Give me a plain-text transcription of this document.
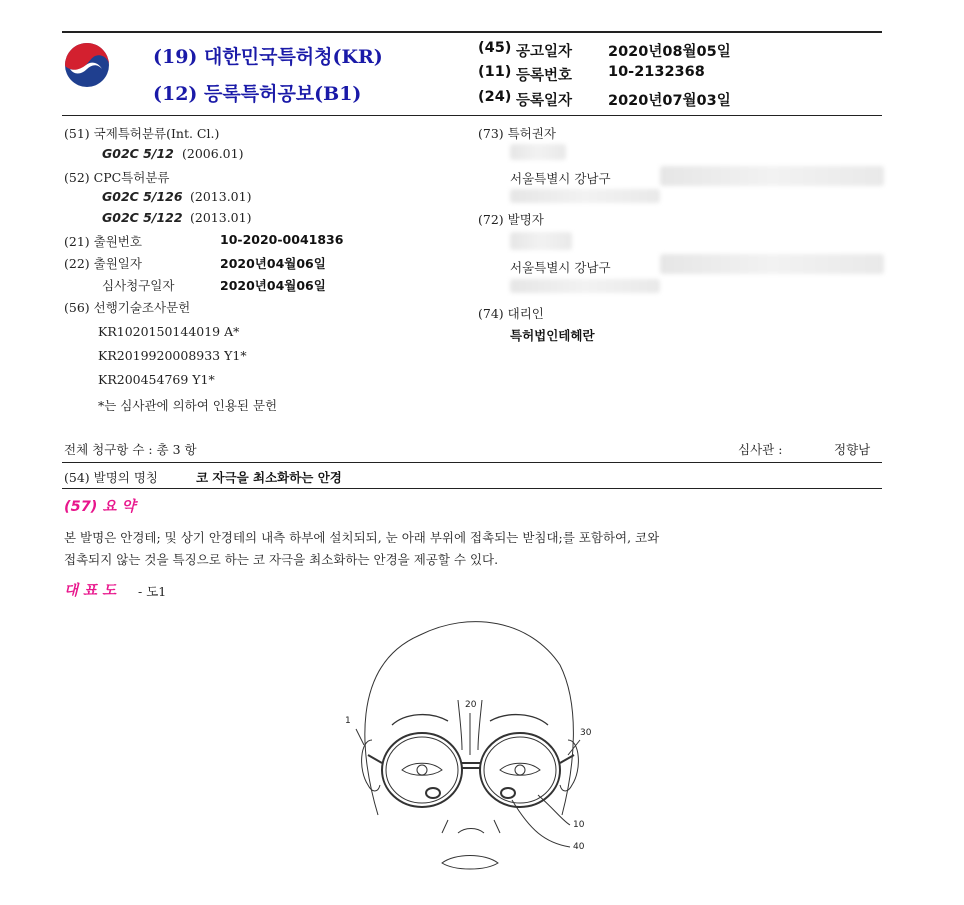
(19) 대한민국특허청(KR)
(12) 등록특허공보(B1)
(45) 공고일자 2020년08월05일
(11) 등록번호 10-2132368
(24) 등록일자 2020년07월03일
(51) 국제특허분류(Int. Cl.)
G02C 5/12 (2006.01)
(52) CPC특허분류
G02C 5/126 (2013.01)
G02C 5/122 (2013.01)
(21) 출원번호	10-2020-0041836
(22) 출원일자	2020년04월06일
심사청구일자	2020년04월06일
(56) 선행기술조사문헌
KR1020150144019 A*
KR2019920008933 Y1*
KR200454769 Y1*
*는 심사관에 의하여 인용된 문헌
(73) 특허권자
서울특별시 강남구
(72) 발명자
서울특별시 강남구
(74) 대리인
특허법인테헤란
전체 청구항 수 : 총 3 항	심사관 :	정향남
(54) 발명의 명칭	코 자극을 최소화하는 안경
(57) 요 약
본 발명은 안경테; 및 상기 안경테의 내측 하부에 설치되되, 눈 아래 부위에 접촉되는 받침대;를 포함하여, 코와
접촉되지 않는 것을 특징으로 하는 코 자극을 최소화하는 안경을 제공할 수 있다.
대 표 도 - 도1
1
20
30
10
40
